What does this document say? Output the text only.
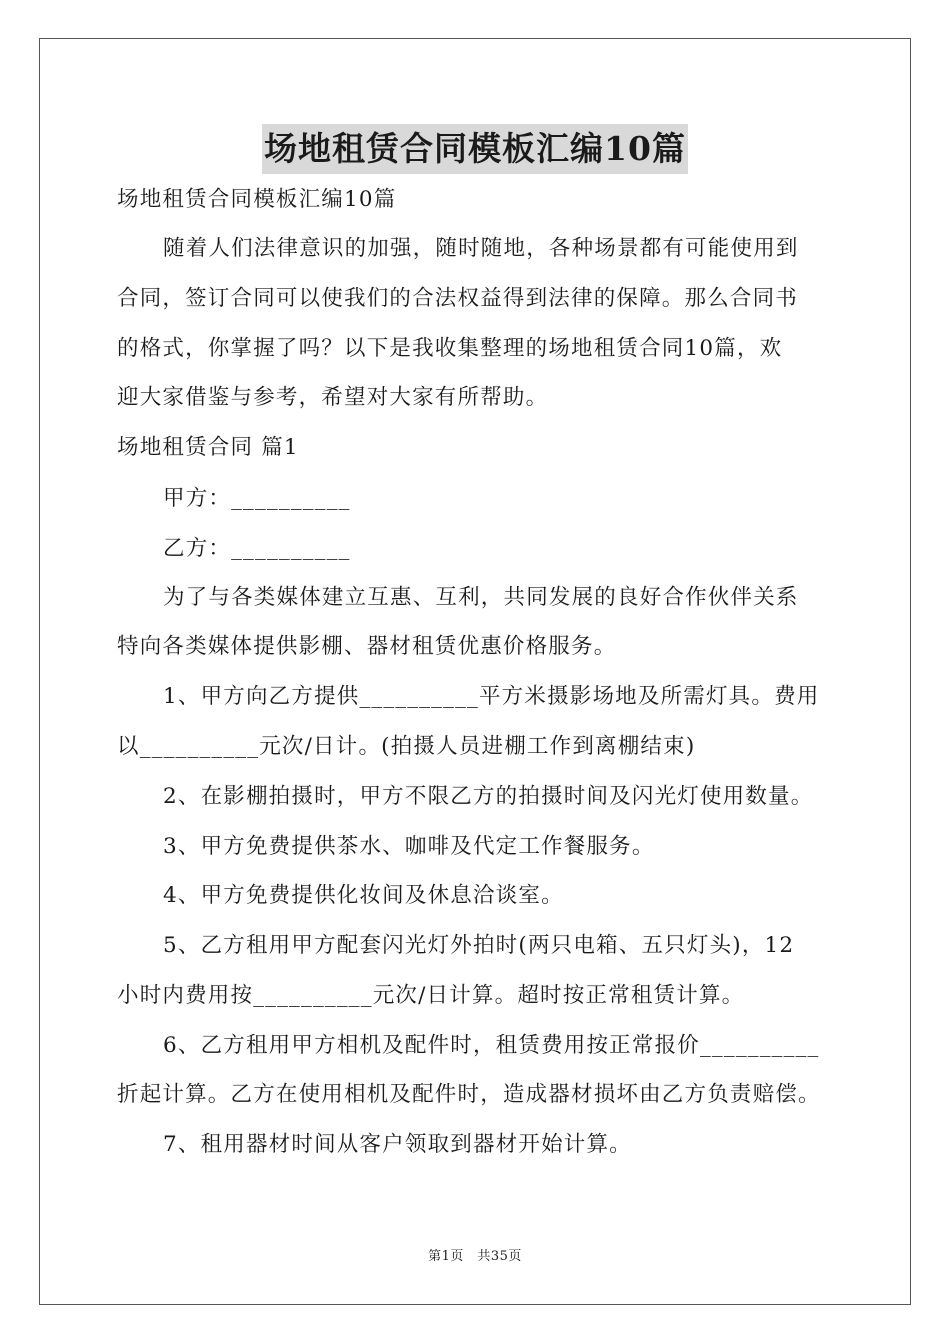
场地租赁合同模板汇编10篇
场地租赁合同模板汇编10篇
随着人们法律意识的加强，随时随地，各种场景都有可能使用到
合同，签订合同可以使我们的合法权益得到法律的保障。那么合同书
的格式，你掌握了吗？以下是我收集整理的场地租赁合同10篇，欢
迎大家借鉴与参考，希望对大家有所帮助。
场地租赁合同 篇1
甲方：__________
乙方：__________
为了与各类媒体建立互惠、互利，共同发展的良好合作伙伴关系
特向各类媒体提供影棚、器材租赁优惠价格服务。
1、甲方向乙方提供__________平方米摄影场地及所需灯具。费用
以__________元次/日计。(拍摄人员进棚工作到离棚结束)
2、在影棚拍摄时，甲方不限乙方的拍摄时间及闪光灯使用数量。
3、甲方免费提供茶水、咖啡及代定工作餐服务。
4、甲方免费提供化妆间及休息洽谈室。
5、乙方租用甲方配套闪光灯外拍时(两只电箱、五只灯头)，12
小时内费用按__________元次/日计算。超时按正常租赁计算。
6、乙方租用甲方相机及配件时，租赁费用按正常报价__________
折起计算。乙方在使用相机及配件时，造成器材损坏由乙方负责赔偿。
7、租用器材时间从客户领取到器材开始计算。
第1页　共35页
